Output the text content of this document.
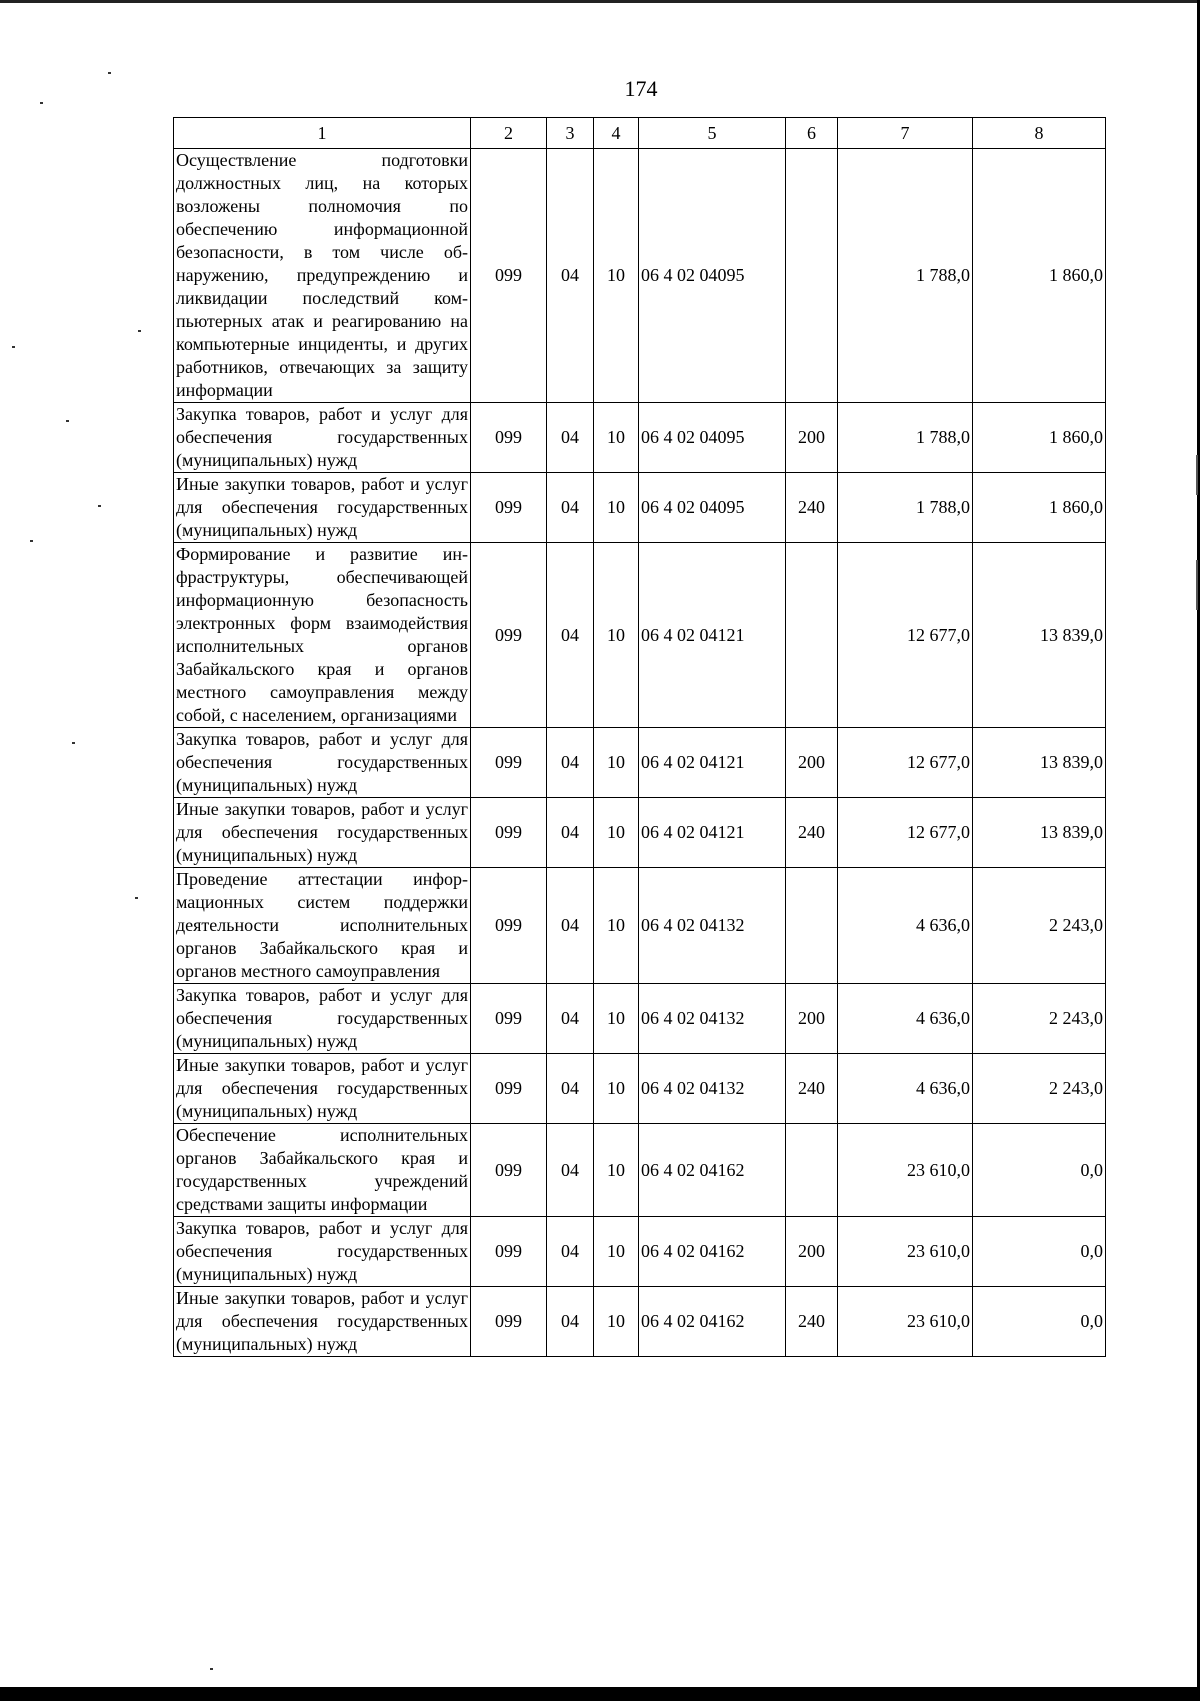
174
1	2	3	4	5	6	7	8
Осуществление подготовки должностных лиц, на которых возложены полномочия по обеспечению информационной безопасности, в том числе обнаружению, предупреждению и ликвидации последствий компьютерных атак и реагированию на компьютерные инциденты, и других работников, отвечающих за защиту информации	099	04	10	06 4 02 04095		1 788,0	1 860,0
Закупка товаров, работ и услуг для обеспечения государственных (муниципальных) нужд	099	04	10	06 4 02 04095	200	1 788,0	1 860,0
Иные закупки товаров, работ и услуг для обеспечения государственных (муниципальных) нужд	099	04	10	06 4 02 04095	240	1 788,0	1 860,0
Формирование и развитие инфраструктуры, обеспечивающей информационную безопасность электронных форм взаимодействия исполнительных органов Забайкальского края и органов местного самоуправления между собой, с населением, организациями	099	04	10	06 4 02 04121		12 677,0	13 839,0
Закупка товаров, работ и услуг для обеспечения государственных (муниципальных) нужд	099	04	10	06 4 02 04121	200	12 677,0	13 839,0
Иные закупки товаров, работ и услуг для обеспечения государственных (муниципальных) нужд	099	04	10	06 4 02 04121	240	12 677,0	13 839,0
Проведение аттестации информационных систем поддержки деятельности исполнительных органов Забайкальского края и органов местного самоуправления	099	04	10	06 4 02 04132		4 636,0	2 243,0
Закупка товаров, работ и услуг для обеспечения государственных (муниципальных) нужд	099	04	10	06 4 02 04132	200	4 636,0	2 243,0
Иные закупки товаров, работ и услуг для обеспечения государственных (муниципальных) нужд	099	04	10	06 4 02 04132	240	4 636,0	2 243,0
Обеспечение исполнительных органов Забайкальского края и государственных учреждений средствами защиты информации	099	04	10	06 4 02 04162		23 610,0	0,0
Закупка товаров, работ и услуг для обеспечения государственных (муниципальных) нужд	099	04	10	06 4 02 04162	200	23 610,0	0,0
Иные закупки товаров, работ и услуг для обеспечения государственных (муниципальных) нужд	099	04	10	06 4 02 04162	240	23 610,0	0,0
